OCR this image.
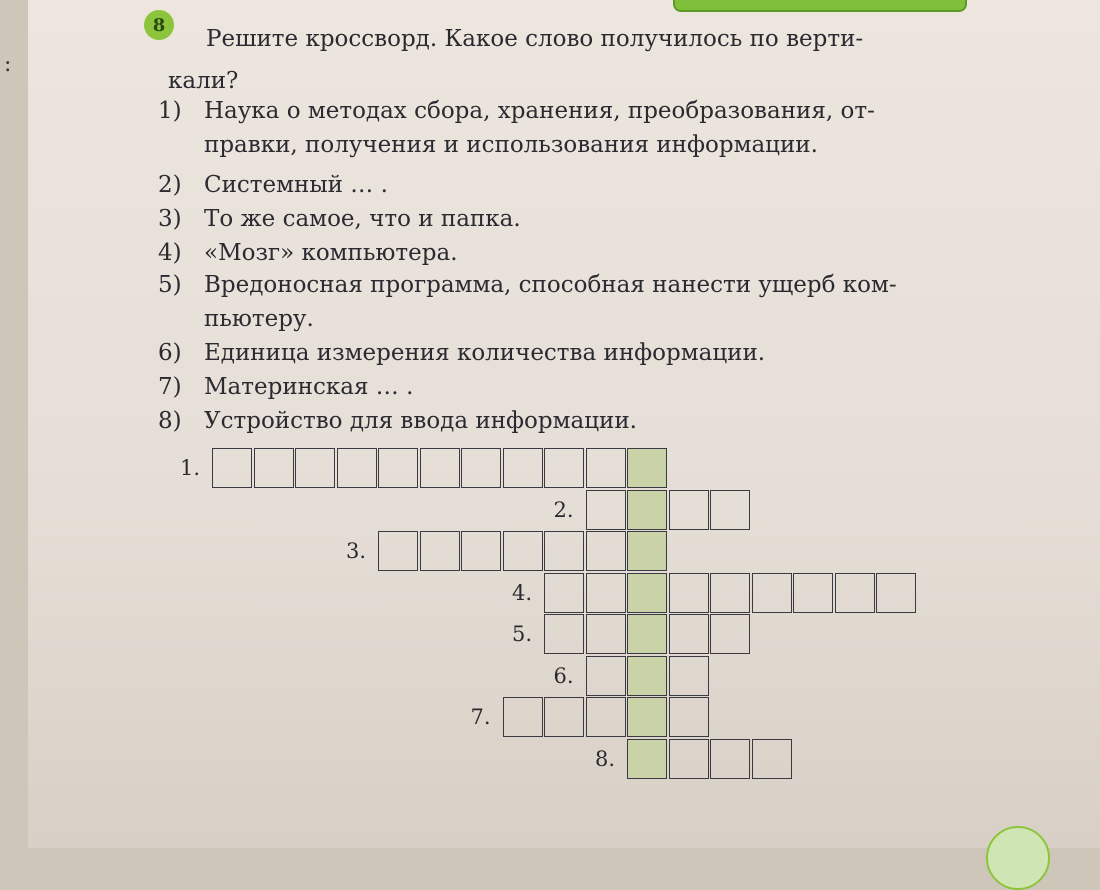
8
Решите кроссворд. Какое слово получилось по верти-
кали?
1) Наука о методах сбора, хранения, преобразования, от-
правки, получения и использования информации.
2) Системный … .
3) То же самое, что и папка.
4) «Мозг» компьютера.
5) Вредоносная программа, способная нанести ущерб ком-
пьютеру.
6) Единица измерения количества информации.
7) Материнская … .
8) Устройство для ввода информации.
1.
2.
3.
4.
5.
6.
7.
8.
:
